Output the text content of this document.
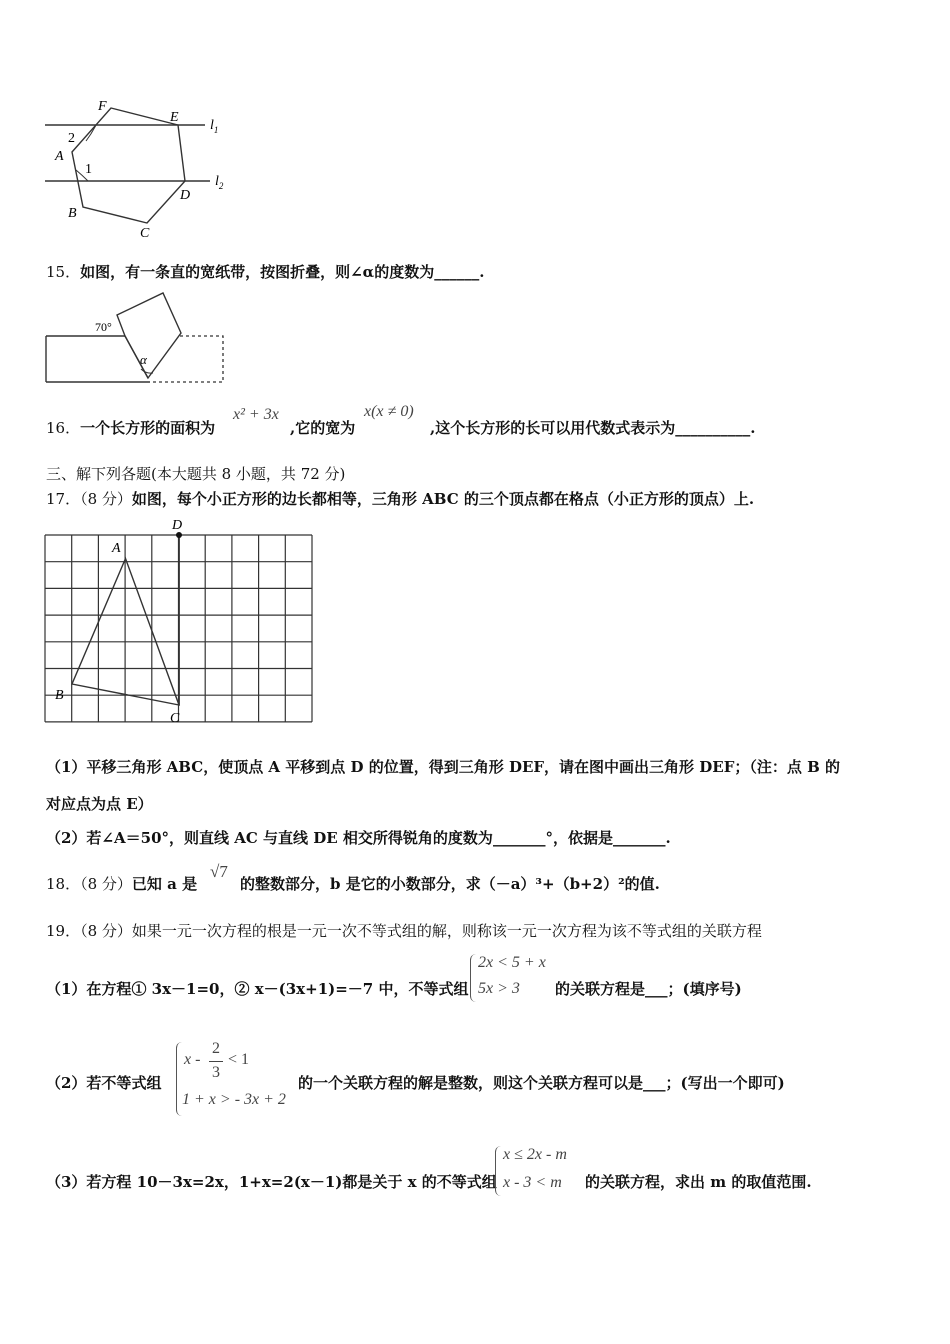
F
E
A
B
C
D
1
2
$l_1$
$l_2$
15．如图，有一条直的宽纸带，按图折叠，则∠α的度数为______.
70°
α
16．一个长方形的面积为
x² + 3x
,它的宽为
x(x ≠ 0)
,这个长方形的长可以用代数式表示为__________.
三、解下列各题(本大题共 8 小题，共 72 分)
17．（8 分）如图，每个小正方形的边长都相等，三角形 ABC 的三个顶点都在格点（小正方形的顶点）上.
A
B
C
D
（1）平移三角形 ABC，使顶点 A 平移到点 D 的位置，得到三角形 DEF，请在图中画出三角形 DEF；（注：点 B 的
对应点为点 E）
（2）若∠A＝50°，则直线 AC 与直线 DE 相交所得锐角的度数为_______°，依据是_______.
18．（8 分）已知 a 是
√7
的整数部分，b 是它的小数部分，求（－a）³+（b+2）²的值.
19．（8 分）如果一元一次方程的根是一元一次不等式组的解，则称该一元一次方程为该不等式组的关联方程
（1）在方程① 3x－1=0，② x－(3x+1)=－7 中，不等式组
2x < 5 + x
5x > 3 的关联方程是___；(填序号)
（2）若不等式组
x -
2
3
< 1
1 + x > - 3x + 2
的一个关联方程的解是整数，则这个关联方程可以是___；(写出一个即可)
（3）若方程 10－3x=2x，1+x=2(x－1)都是关于 x 的不等式组
x ≤ 2x - m
x - 3 < m 的关联方程，求出 m 的取值范围.
